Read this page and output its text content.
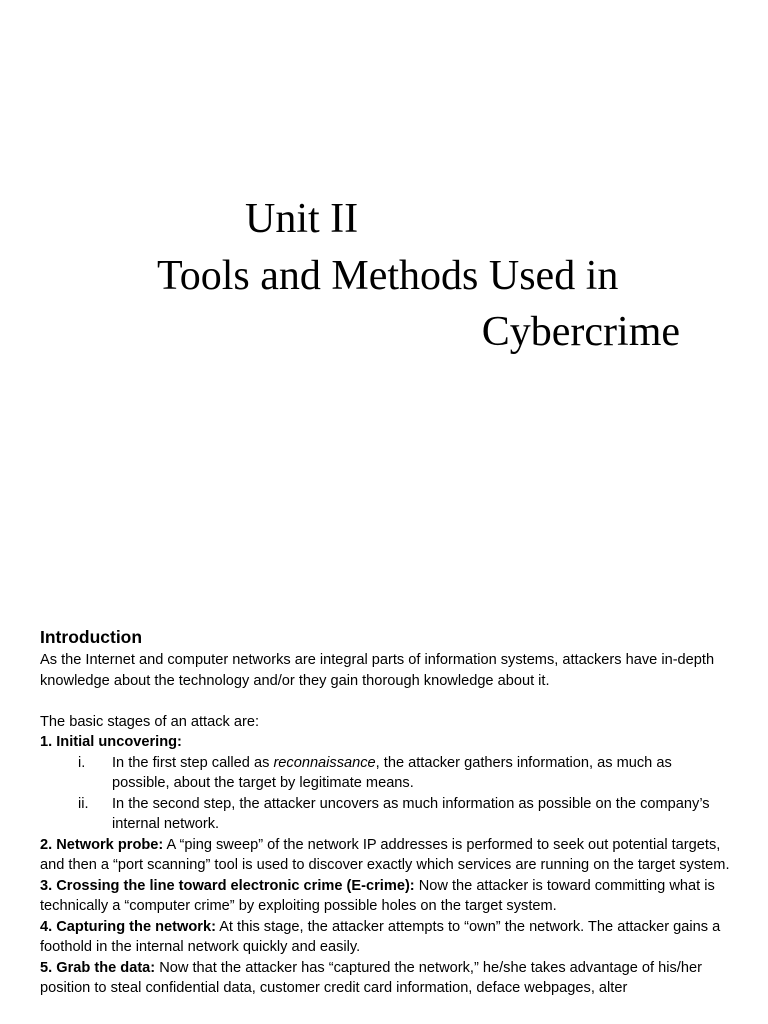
Unit II
Tools and Methods Used in
Cybercrime
Introduction

As the Internet and computer networks are integral parts of information systems, attackers have in-depth knowledge about the technology and/or they gain thorough knowledge about it.

The basic stages of an attack are:

1. Initial uncovering:
i. In the first step called as reconnaissance, the attacker gathers information, as much as possible, about the target by legitimate means.
ii. In the second step, the attacker uncovers as much information as possible on the company’s internal network.

2. Network probe: A “ping sweep” of the network IP addresses is performed to seek out potential targets, and then a “port scanning” tool is used to discover exactly which services are running on the target system.

3. Crossing the line toward electronic crime (E-crime): Now the attacker is toward committing what is technically a “computer crime” by exploiting possible holes on the target system.

4. Capturing the network: At this stage, the attacker attempts to “own” the network. The attacker gains a foothold in the internal network quickly and easily.

5. Grab the data: Now that the attacker has “captured the network,” he/she takes advantage of his/her position to steal confidential data, customer credit card information, deface webpages, alter
